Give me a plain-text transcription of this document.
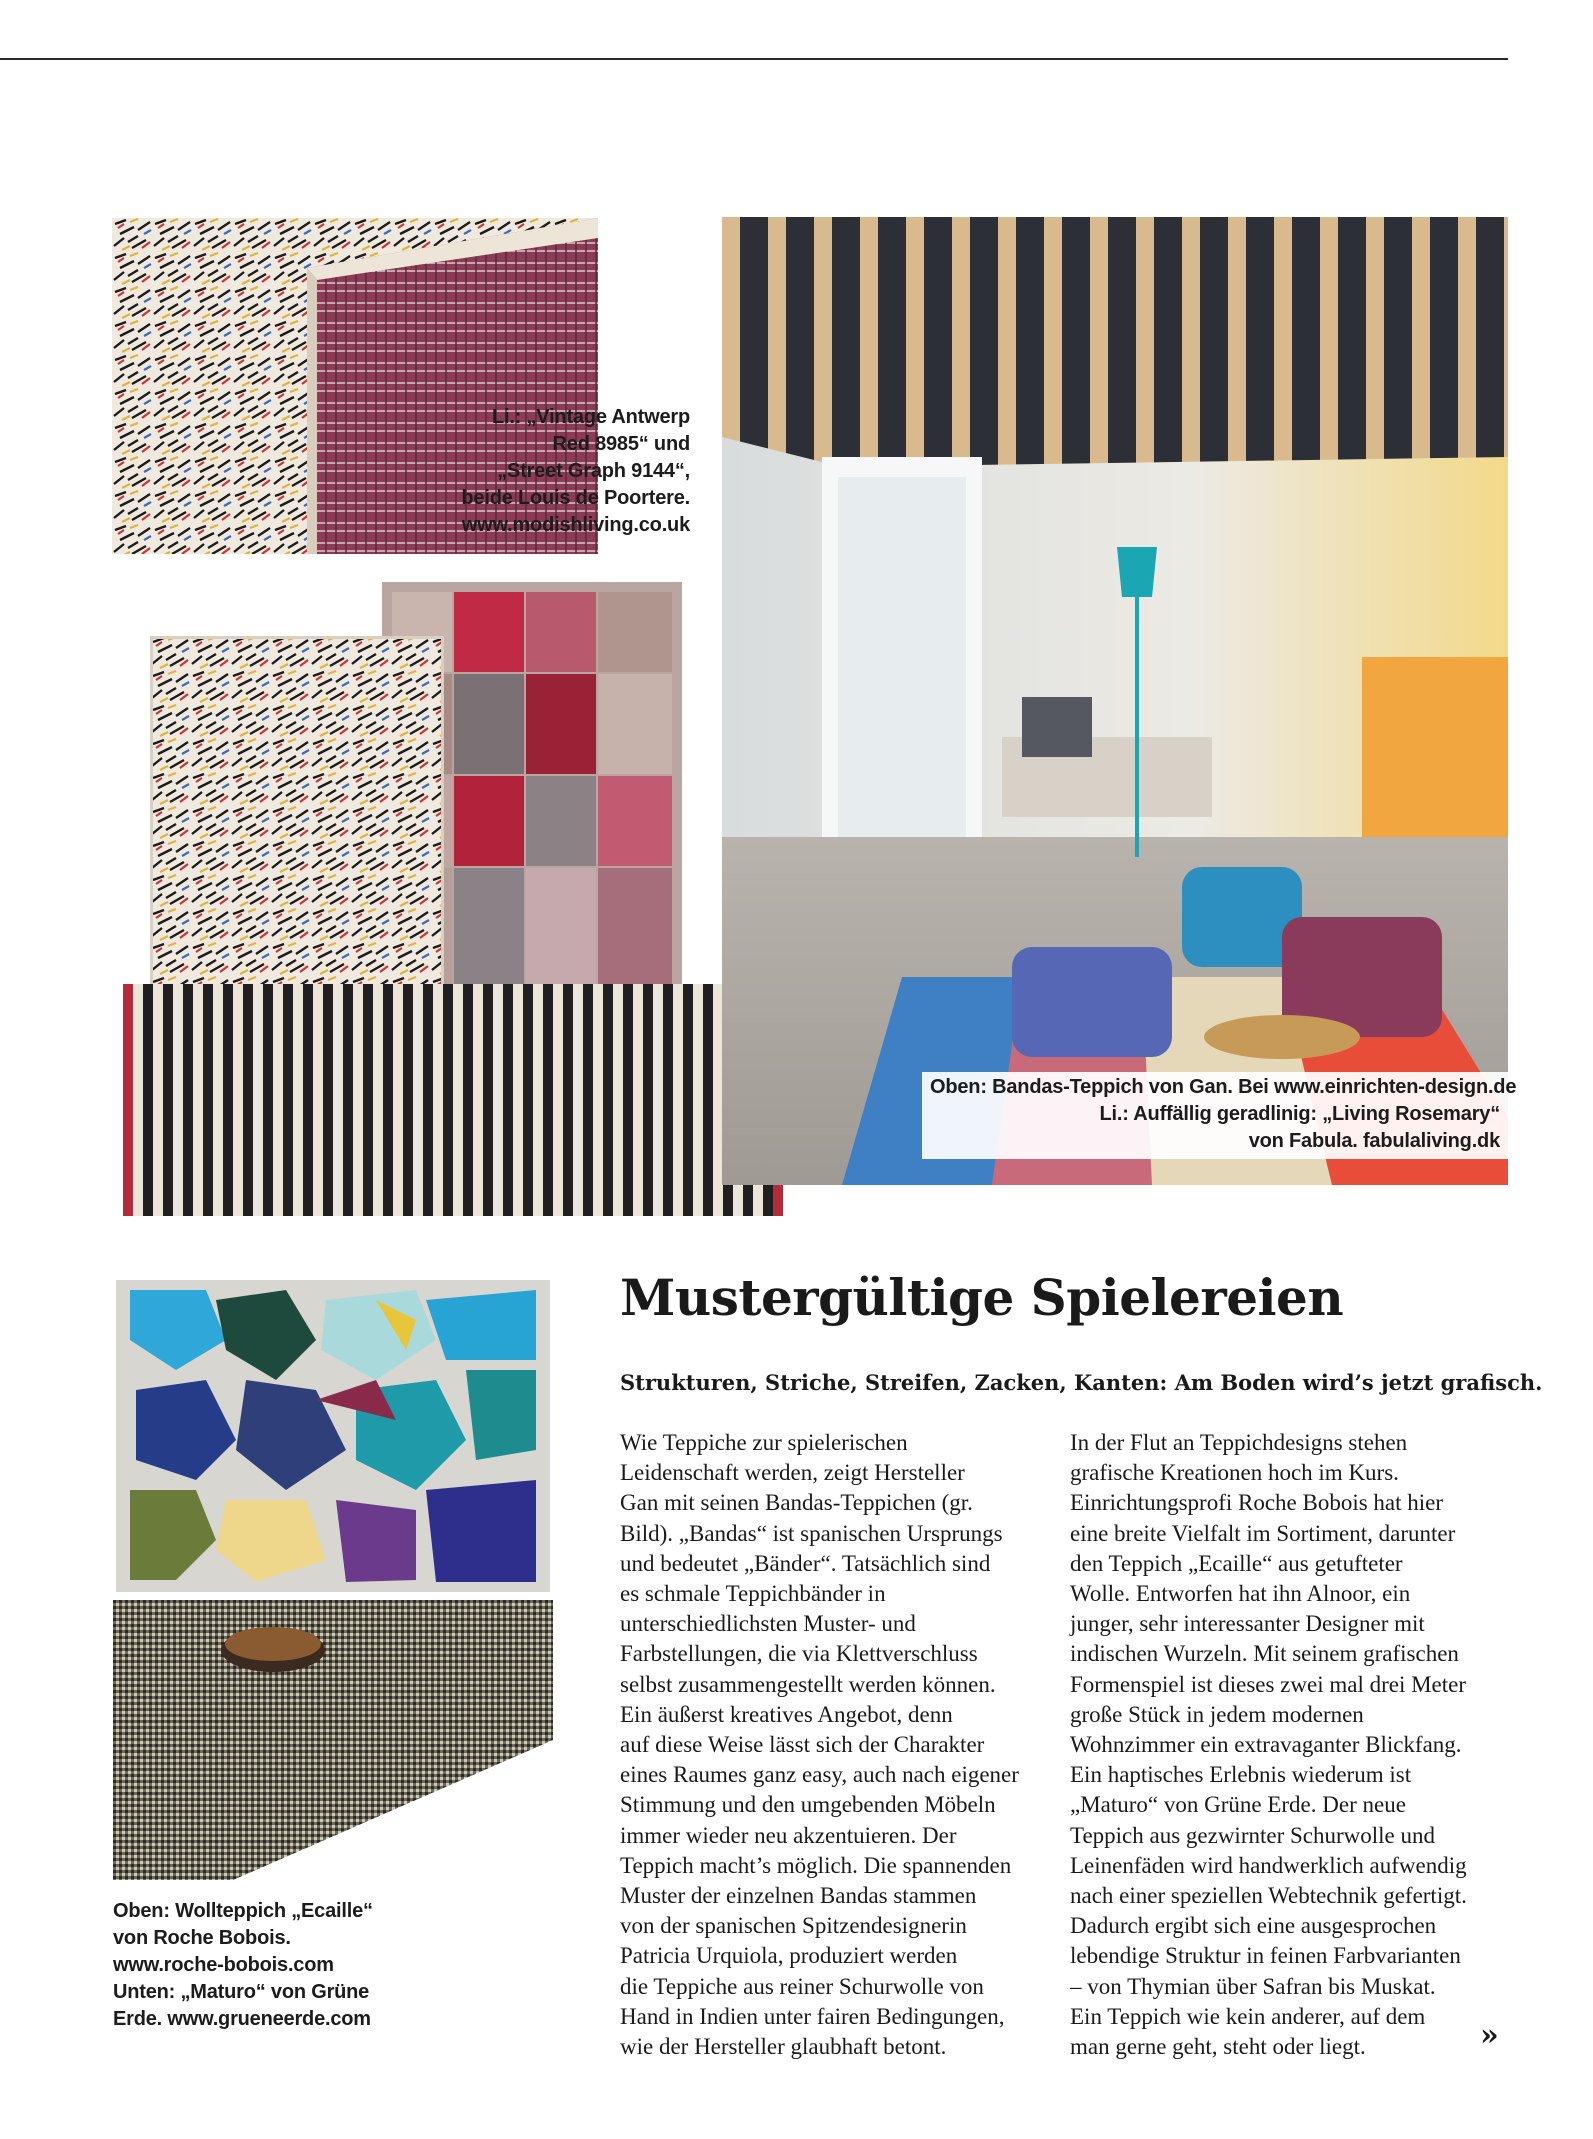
Li.: „Vintage Antwerp
Red 8985“ und
„Street Graph 9144“,
beide Louis de Poortere.
www.modishliving.co.uk
Oben: Bandas-Teppich von Gan. Bei www.einrichten-design.de
Li.: Auffällig geradlinig: „Living Rosemary“
von Fabula. fabulaliving.dk
Oben: Wollteppich „Ecaille“
von Roche Bobois.
www.roche-bobois.com
Unten: „Maturo“ von Grüne
Erde. www.grueneerde.com
Mustergültige Spielereien
Strukturen, Striche, Streifen, Zacken, Kanten: Am Boden wird’s jetzt grafisch.
Wie Teppiche zur spielerischen
Leidenschaft werden, zeigt Hersteller
Gan mit seinen Bandas-Teppichen (gr.
Bild). „Bandas“ ist spanischen Ursprungs
und bedeutet „Bänder“. Tatsächlich sind
es schmale Teppichbänder in
unterschiedlichsten Muster- und
Farbstellungen, die via Klettverschluss
selbst zusammengestellt werden können.
Ein äußerst kreatives Angebot, denn
auf diese Weise lässt sich der Charakter
eines Raumes ganz easy, auch nach eigener
Stimmung und den umgebenden Möbeln
immer wieder neu akzentuieren. Der
Teppich macht’s möglich. Die spannenden
Muster der einzelnen Bandas stammen
von der spanischen Spitzendesignerin
Patricia Urquiola, produziert werden
die Teppiche aus reiner Schurwolle von
Hand in Indien unter fairen Bedingungen,
wie der Hersteller glaubhaft betont.
In der Flut an Teppichdesigns stehen
grafische Kreationen hoch im Kurs.
Einrichtungsprofi Roche Bobois hat hier
eine breite Vielfalt im Sortiment, darunter
den Teppich „Ecaille“ aus getufteter
Wolle. Entworfen hat ihn Alnoor, ein
junger, sehr interessanter Designer mit
indischen Wurzeln. Mit seinem grafischen
Formenspiel ist dieses zwei mal drei Meter
große Stück in jedem modernen
Wohnzimmer ein extravaganter Blickfang.
Ein haptisches Erlebnis wiederum ist
„Maturo“ von Grüne Erde. Der neue
Teppich aus gezwirnter Schurwolle und
Leinenfäden wird handwerklich aufwendig
nach einer speziellen Webtechnik gefertigt.
Dadurch ergibt sich eine ausgesprochen
lebendige Struktur in feinen Farbvarianten
– von Thymian über Safran bis Muskat.
Ein Teppich wie kein anderer, auf dem
man gerne geht, steht oder liegt.	»
